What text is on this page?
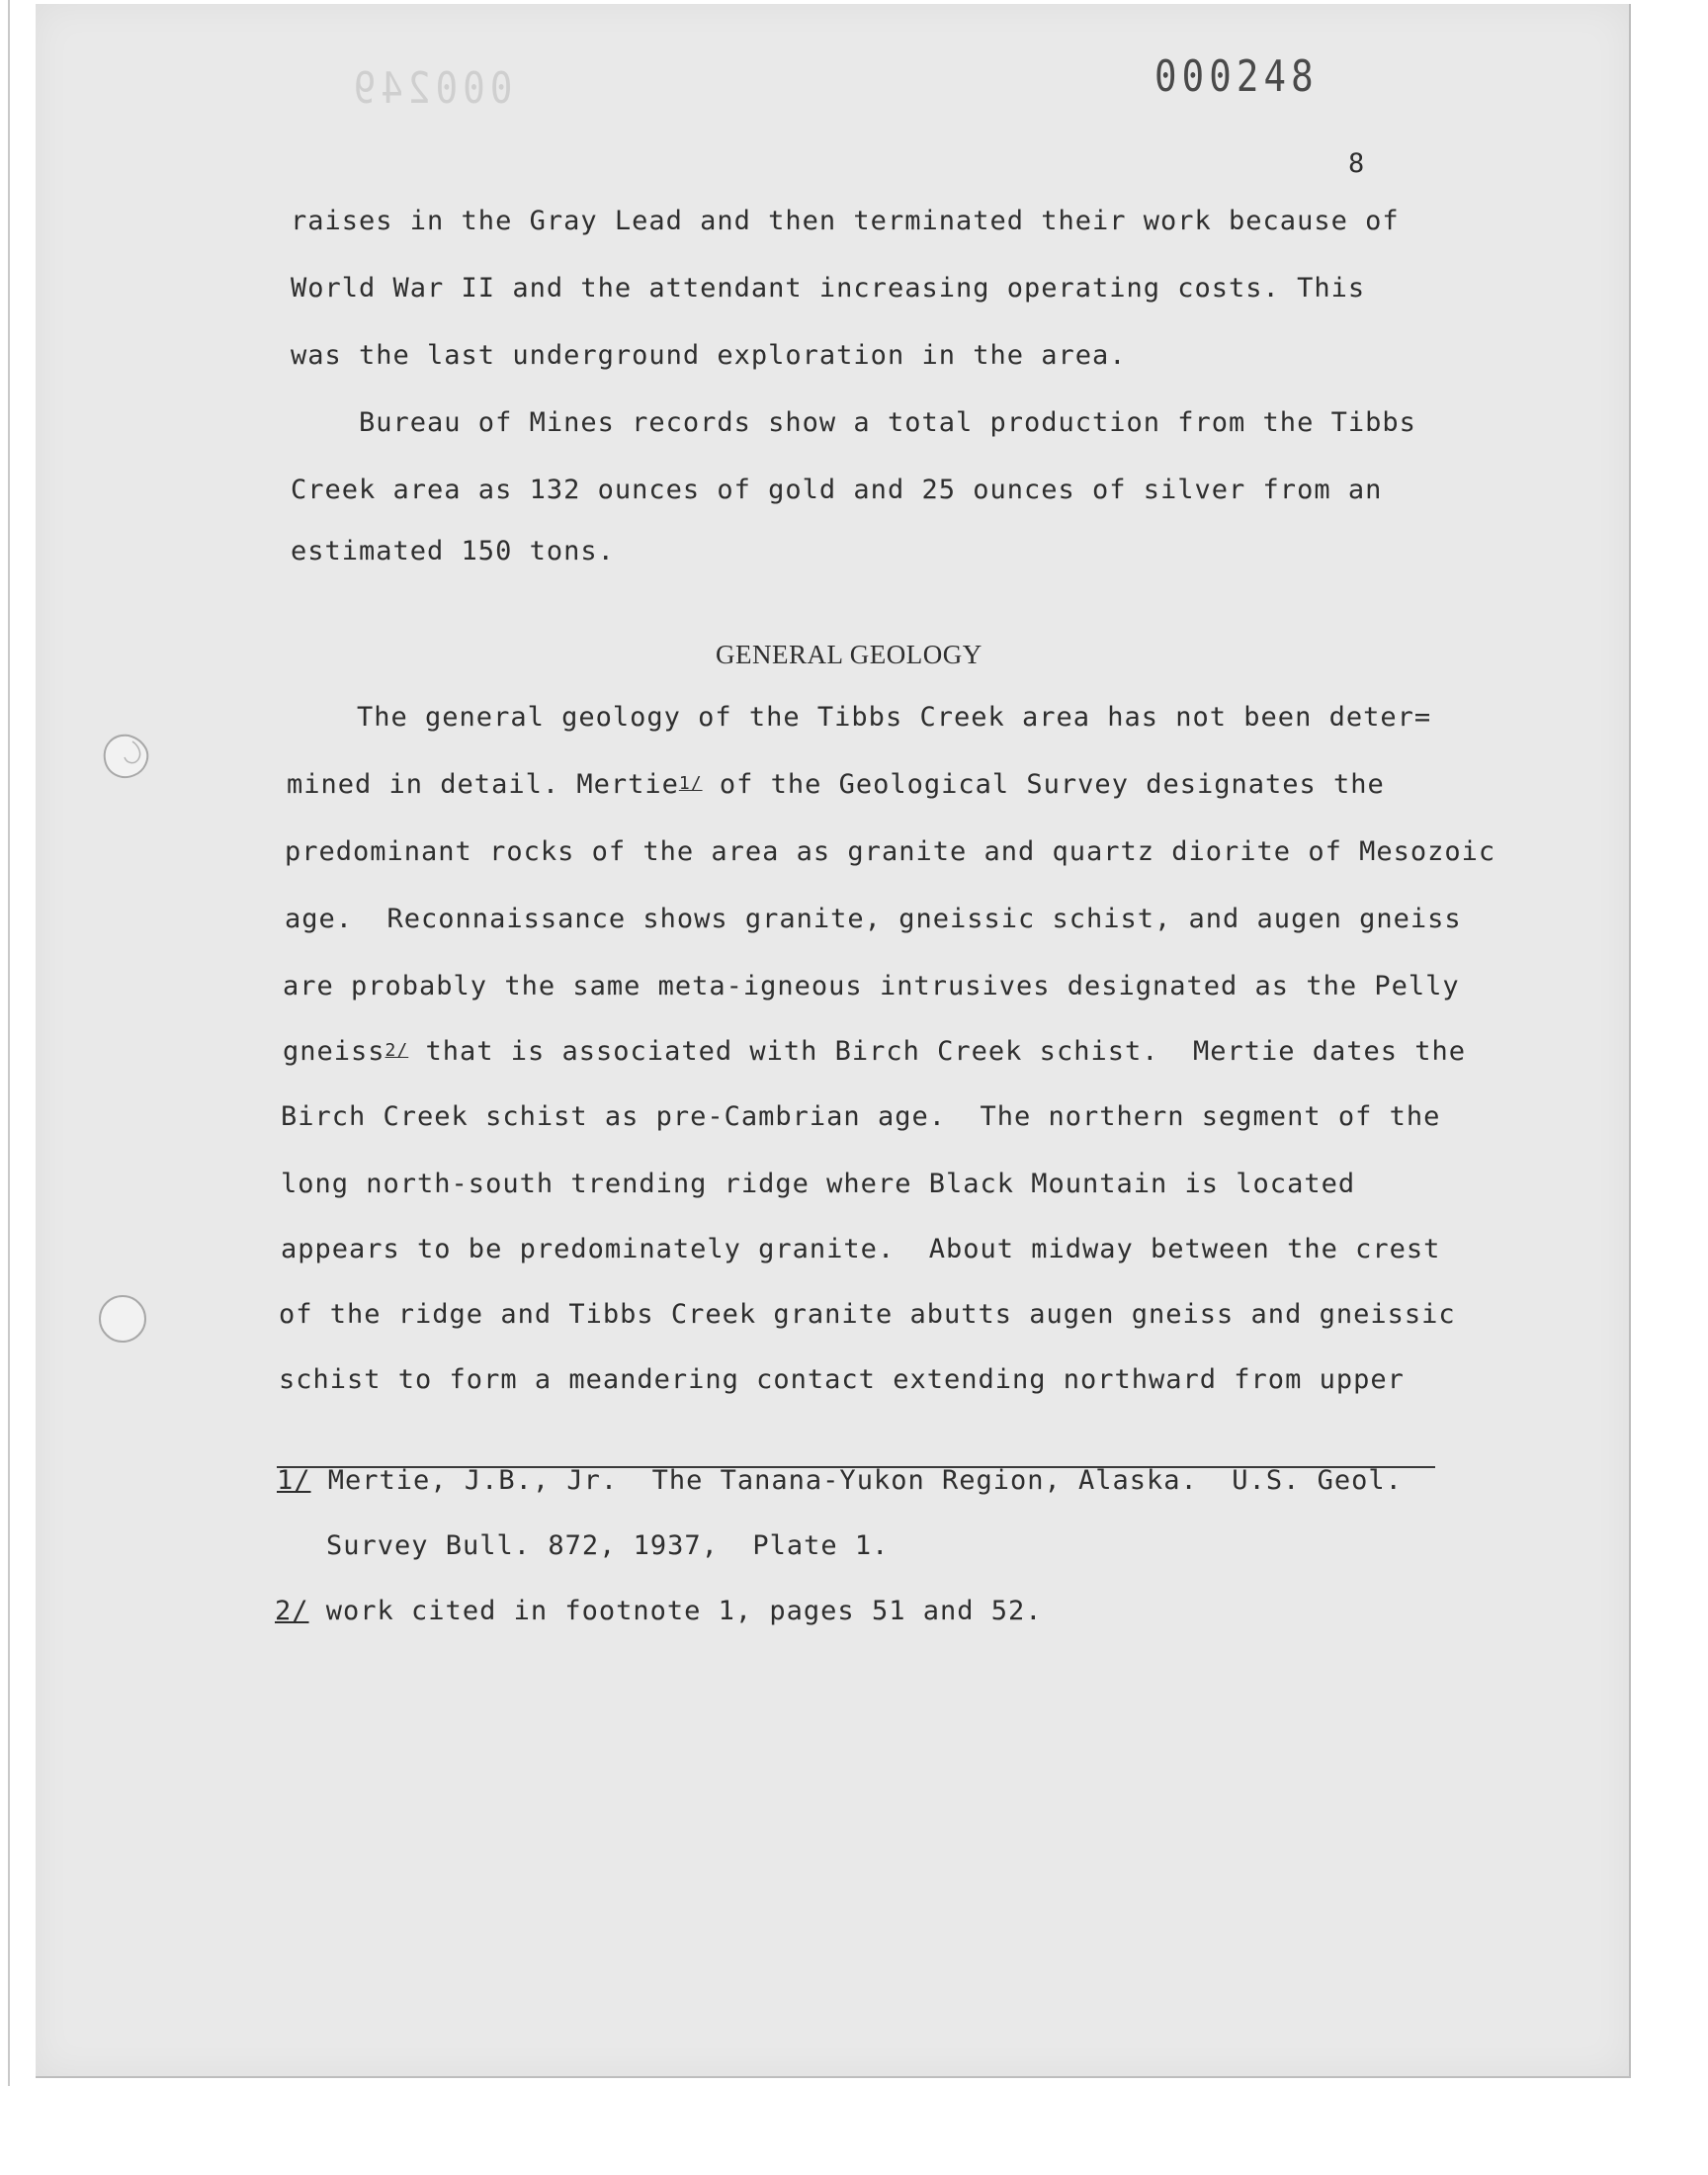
000249	000248

8

raises in the Gray Lead and then terminated their work because of

World War II and the attendant increasing operating costs. This

was the last underground exploration in the area.

Bureau of Mines records show a total production from the Tibbs

Creek area as 132 ounces of gold and 25 ounces of silver from an

estimated 150 tons.

GENERAL GEOLOGY

The general geology of the Tibbs Creek area has not been deter=

mined in detail. Mertie$^{1/}$ of the Geological Survey designates the

predominant rocks of the area as granite and quartz diorite of Mesozoic

age.  Reconnaissance shows granite, gneissic schist, and augen gneiss

are probably the same meta-igneous intrusives designated as the Pelly

gneiss$^{2/}$ that is associated with Birch Creek schist.  Mertie dates the

Birch Creek schist as pre-Cambrian age.  The northern segment of the

long north-south trending ridge where Black Mountain is located

appears to be predominately granite.  About midway between the crest

of the ridge and Tibbs Creek granite abutts augen gneiss and gneissic

schist to form a meandering contact extending northward from upper

1/ Mertie, J.B., Jr.  The Tanana-Yukon Region, Alaska.  U.S. Geol.

Survey Bull. 872, 1937,  Plate 1.

2/ work cited in footnote 1, pages 51 and 52.
